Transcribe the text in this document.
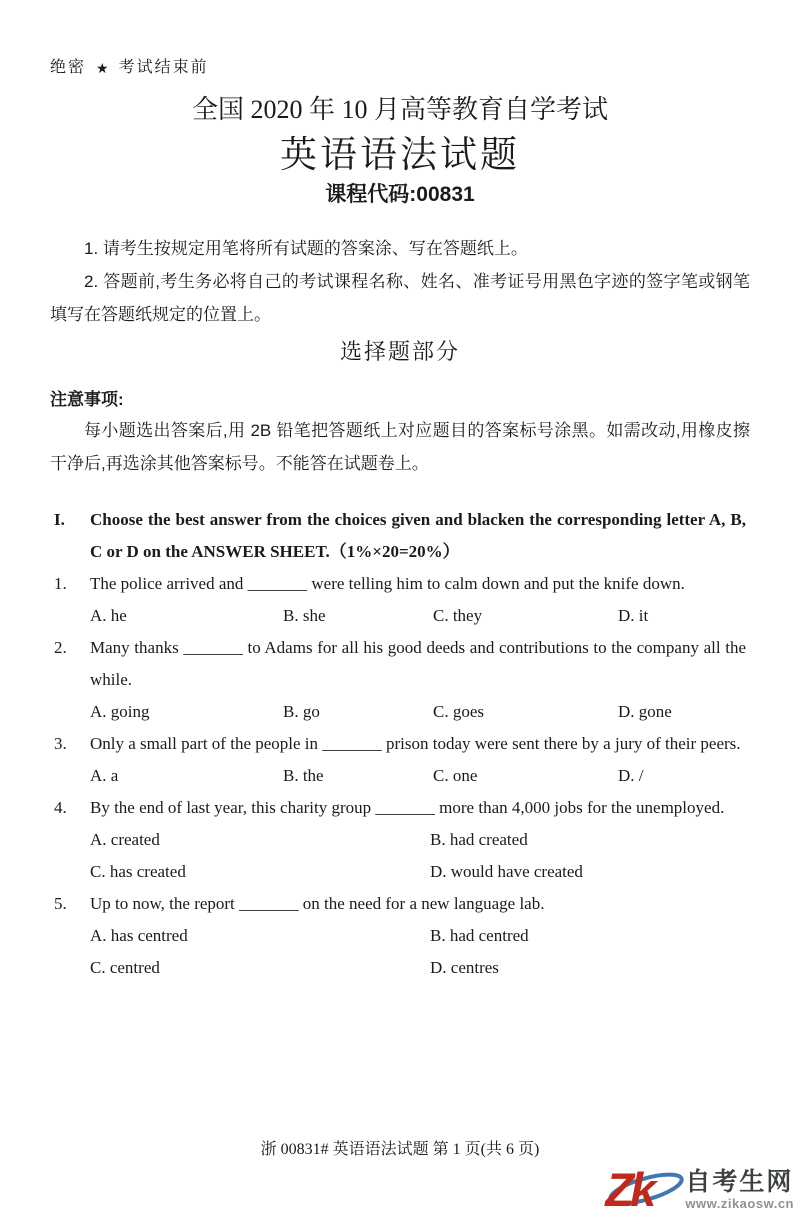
绝密 ★ 考试结束前
全国 2020 年 10 月高等教育自学考试
英语语法试题
课程代码:00831

1. 请考生按规定用笔将所有试题的答案涂、写在答题纸上。

2. 答题前,考生务必将自己的考试课程名称、姓名、准考证号用黑色字迹的签字笔或钢笔填写在答题纸规定的位置上。

选择题部分
注意事项:

每小题选出答案后,用 2B 铅笔把答题纸上对应题目的答案标号涂黑。如需改动,用橡皮擦干净后,再选涂其他答案标号。不能答在试题卷上。

I.	Choose the best answer from the choices given and blacken the corresponding letter A, B, C or D on the ANSWER SHEET.（1%×20=20%）
1.	The police arrived and _______ were telling him to calm down and put the knife down.
A. he	B. she	C. they	D. it
2.	Many thanks _______ to Adams for all his good deeds and contributions to the company all the while.
A. going	B. go	C. goes	D. gone
3.	Only a small part of the people in _______ prison today were sent there by a jury of their peers.
A. a	B. the	C. one	D. /
4.	By the end of last year, this charity group _______ more than 4,000 jobs for the unemployed.
A. created	B. had created
C. has created	D. would have created
5.	Up to now, the report _______ on the need for a new language lab.
A. has centred	B. had centred
C. centred	D. centres
浙 00831# 英语语法试题 第 1 页(共 6 页)
Zk 自考生网
www.zikaosw.cn
